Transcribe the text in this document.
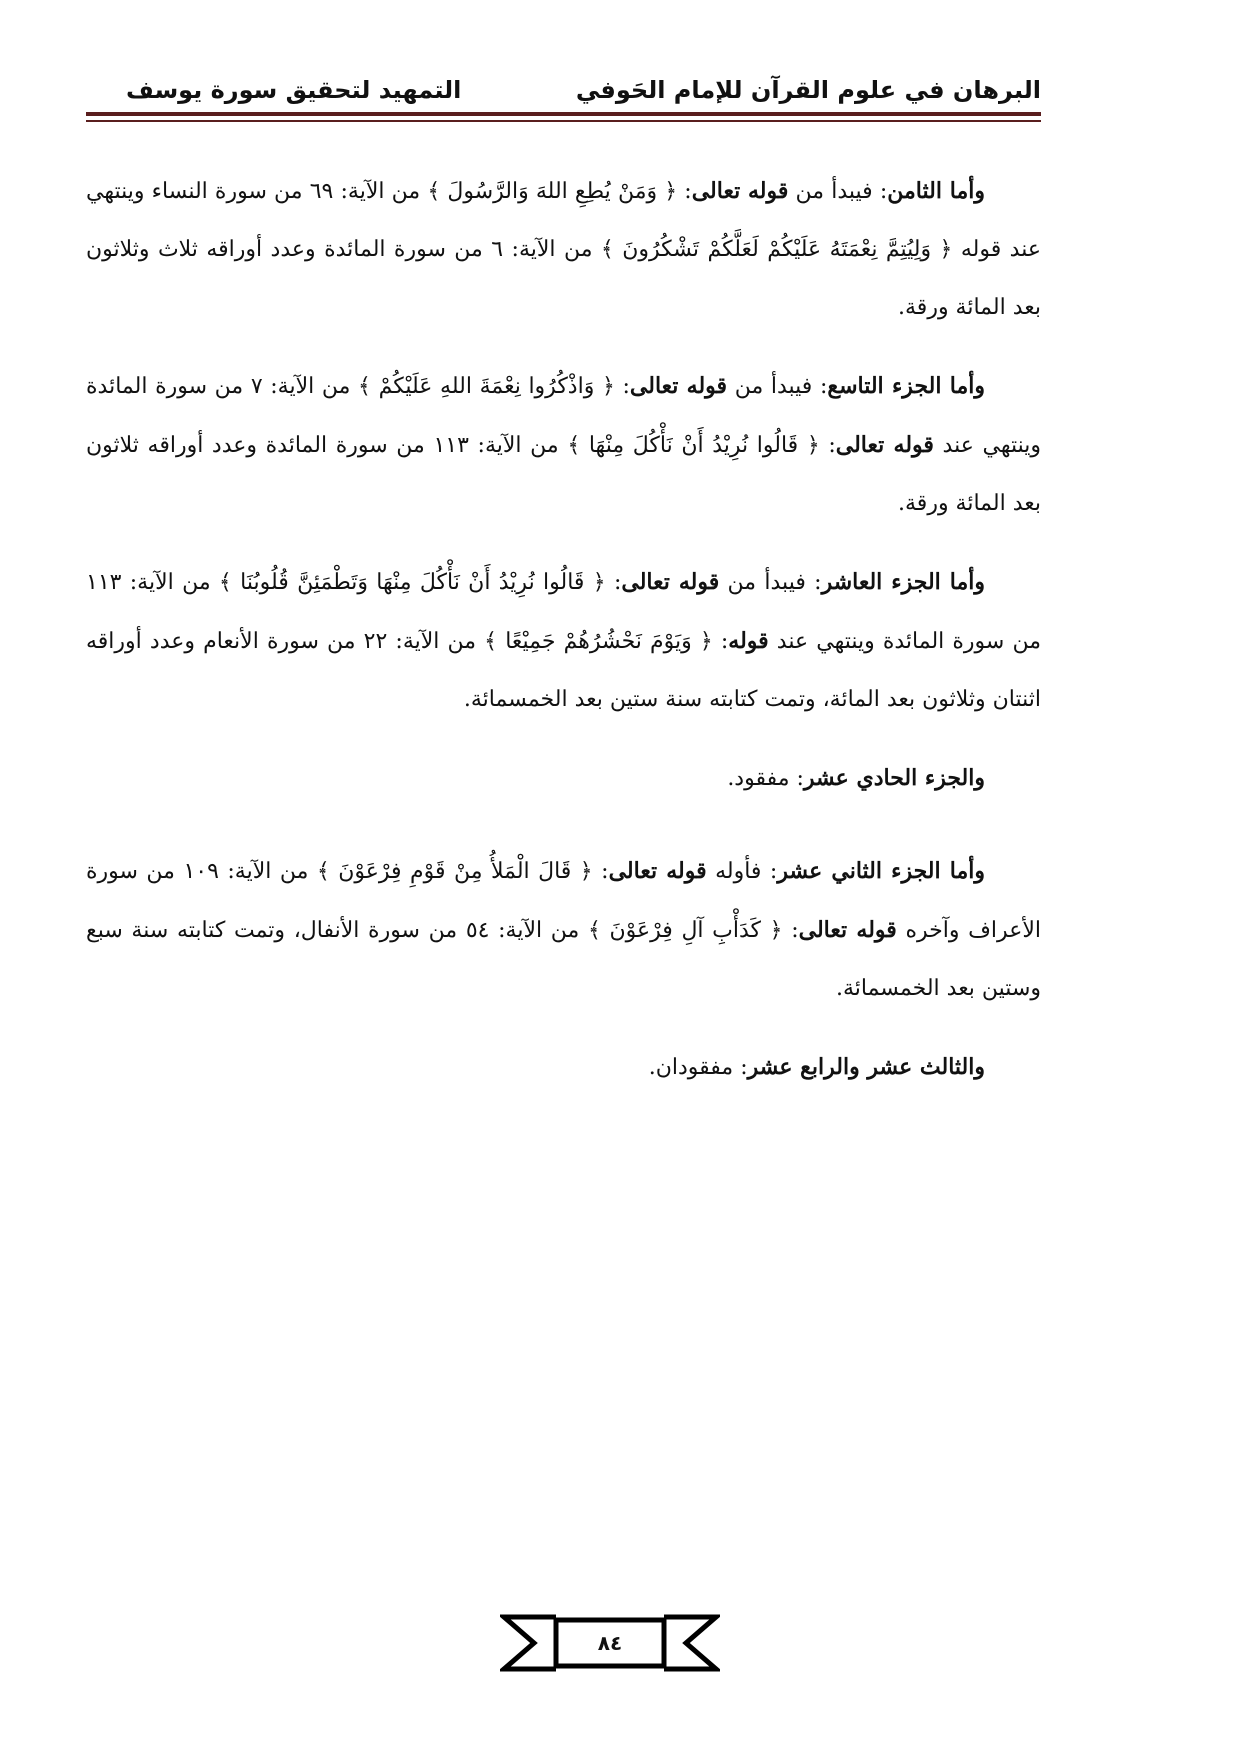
البرهان في علوم القرآن للإمام الحَوفي
التمهيد لتحقيق سورة يوسف

وأما الثامن: فيبدأ من قوله تعالى: ﴿ وَمَنْ يُطِعِ اللهَ وَالرَّسُولَ ﴾ من الآية: ٦٩ من سورة النساء وينتهي عند قوله ﴿ وَلِيُتِمَّ نِعْمَتَهُ عَلَيْكُمْ لَعَلَّكُمْ تَشْكُرُونَ ﴾ من الآية: ٦ من سورة المائدة وعدد أوراقه ثلاث وثلاثون بعد المائة ورقة.

وأما الجزء التاسع: فيبدأ من قوله تعالى: ﴿ وَاذْكُرُوا نِعْمَةَ اللهِ عَلَيْكُمْ ﴾ من الآية: ٧ من سورة المائدة وينتهي عند قوله تعالى: ﴿ قَالُوا نُرِيْدُ أَنْ نَأْكُلَ مِنْهَا ﴾ من الآية: ١١٣ من سورة المائدة وعدد أوراقه ثلاثون بعد المائة ورقة.

وأما الجزء العاشر: فيبدأ من قوله تعالى: ﴿ قَالُوا نُرِيْدُ أَنْ نَأْكُلَ مِنْهَا وَتَطْمَئِنَّ قُلُوبُنَا ﴾ من الآية: ١١٣ من سورة المائدة وينتهي عند قوله: ﴿ وَيَوْمَ نَحْشُرُهُمْ جَمِيْعًا ﴾ من الآية: ٢٢ من سورة الأنعام وعدد أوراقه اثنتان وثلاثون بعد المائة، وتمت كتابته سنة ستين بعد الخمسمائة.

والجزء الحادي عشر: مفقود.

وأما الجزء الثاني عشر: فأوله قوله تعالى: ﴿ قَالَ الْمَلأُ مِنْ قَوْمِ فِرْعَوْنَ ﴾ من الآية: ١٠٩ من سورة الأعراف وآخره قوله تعالى: ﴿ كَدَأْبِ آلِ فِرْعَوْنَ ﴾ من الآية: ٥٤ من سورة الأنفال، وتمت كتابته سنة سبع وستين بعد الخمسمائة.

والثالث عشر والرابع عشر: مفقودان.

٨٤
